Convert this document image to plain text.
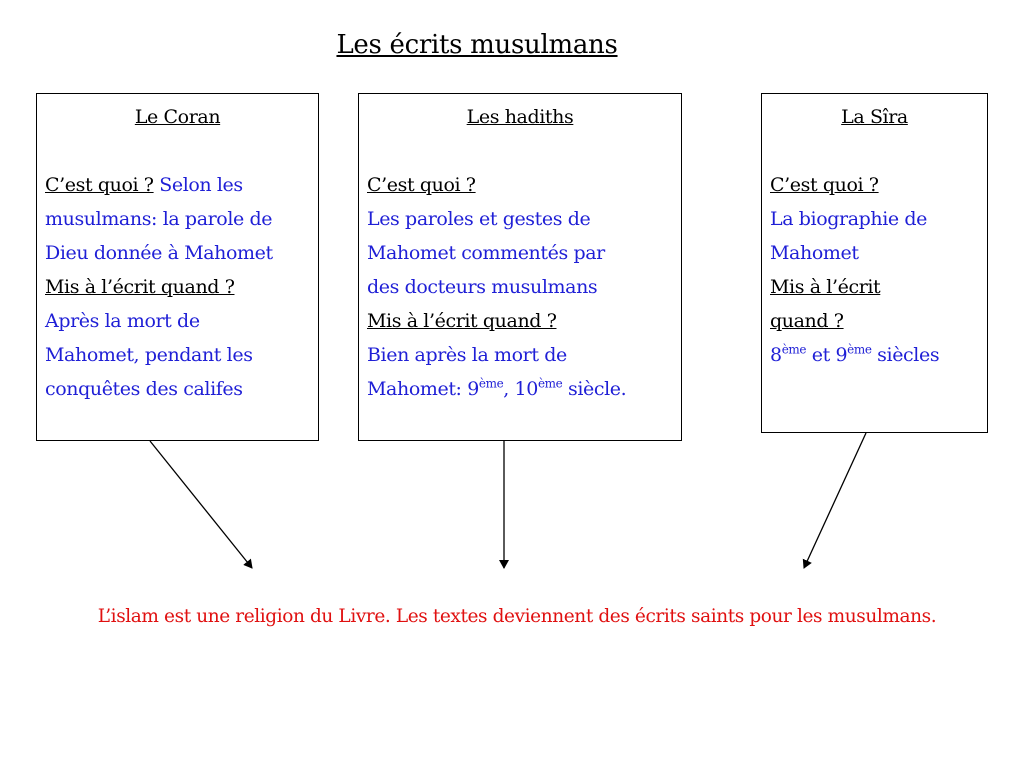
Les écrits musulmans
Le Coran
C’est quoi ? Selon les
musulmans: la parole de
Dieu donnée à Mahomet
Mis à l’écrit quand ?
Après la mort de
Mahomet, pendant les
conquêtes des califes
Les hadiths
C’est quoi ?
Les paroles et gestes de
Mahomet commentés par
des docteurs musulmans
Mis à l’écrit quand ?
Bien après la mort de
Mahomet: 9ème, 10ème siècle.
La Sîra
C’est quoi ?
La biographie de
Mahomet
Mis à l’écrit
quand ?
8ème et 9ème siècles
L’islam est une religion du Livre. Les textes deviennent des écrits saints pour les musulmans.
